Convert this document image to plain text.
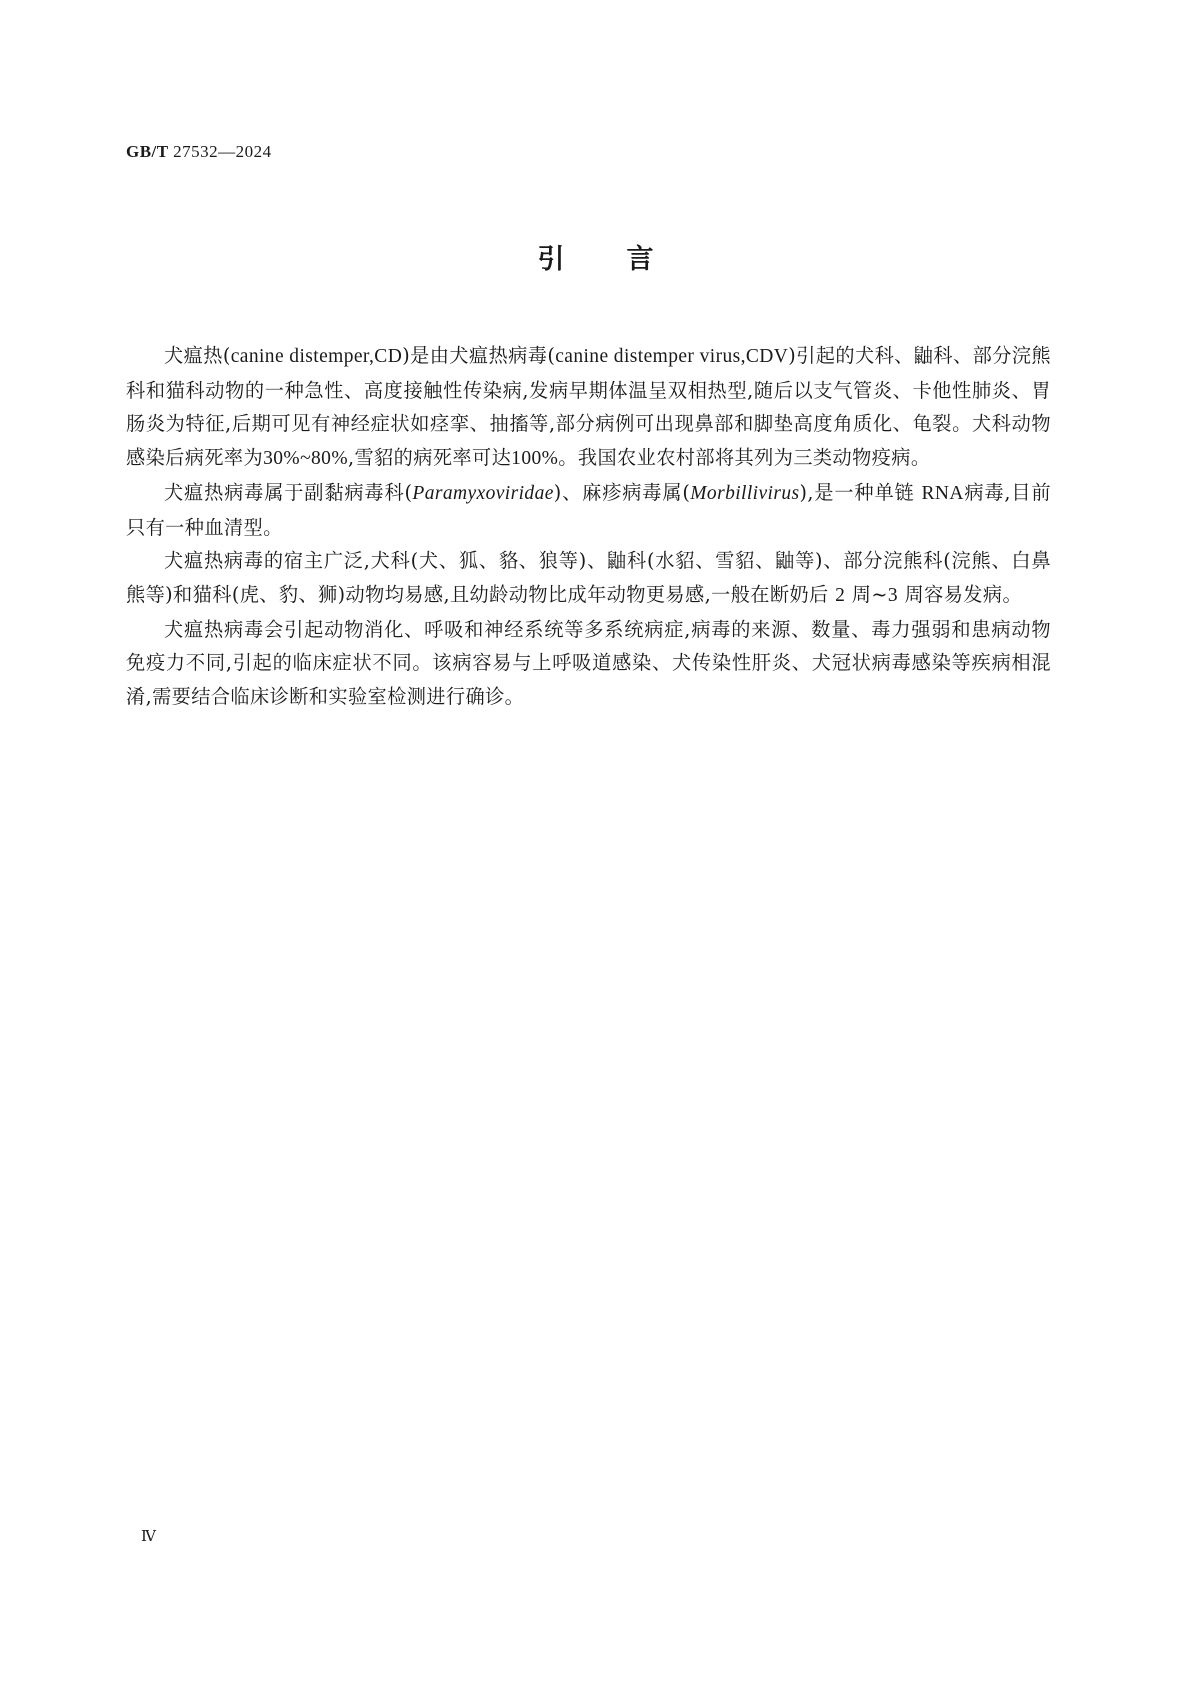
GB/T 27532—2024
引言

犬瘟热(canine distemper,CD)是由犬瘟热病毒(canine distemper virus,CDV)引起的犬科、鼬科、部分浣熊科和猫科动物的一种急性、高度接触性传染病,发病早期体温呈双相热型,随后以支气管炎、卡他性肺炎、胃肠炎为特征,后期可见有神经症状如痉挛、抽搐等,部分病例可出现鼻部和脚垫高度角质化、龟裂。犬科动物感染后病死率为30%~80%,雪貂的病死率可达100%。我国农业农村部将其列为三类动物疫病。

犬瘟热病毒属于副黏病毒科(Paramyxoviridae)、麻疹病毒属(Morbillivirus),是一种单链 RNA病毒,目前只有一种血清型。

犬瘟热病毒的宿主广泛,犬科(犬、狐、貉、狼等)、鼬科(水貂、雪貂、鼬等)、部分浣熊科(浣熊、白鼻熊等)和猫科(虎、豹、狮)动物均易感,且幼龄动物比成年动物更易感,一般在断奶后 2 周~3 周容易发病。

犬瘟热病毒会引起动物消化、呼吸和神经系统等多系统病症,病毒的来源、数量、毒力强弱和患病动物免疫力不同,引起的临床症状不同。该病容易与上呼吸道感染、犬传染性肝炎、犬冠状病毒感染等疾病相混淆,需要结合临床诊断和实验室检测进行确诊。

Ⅳ
